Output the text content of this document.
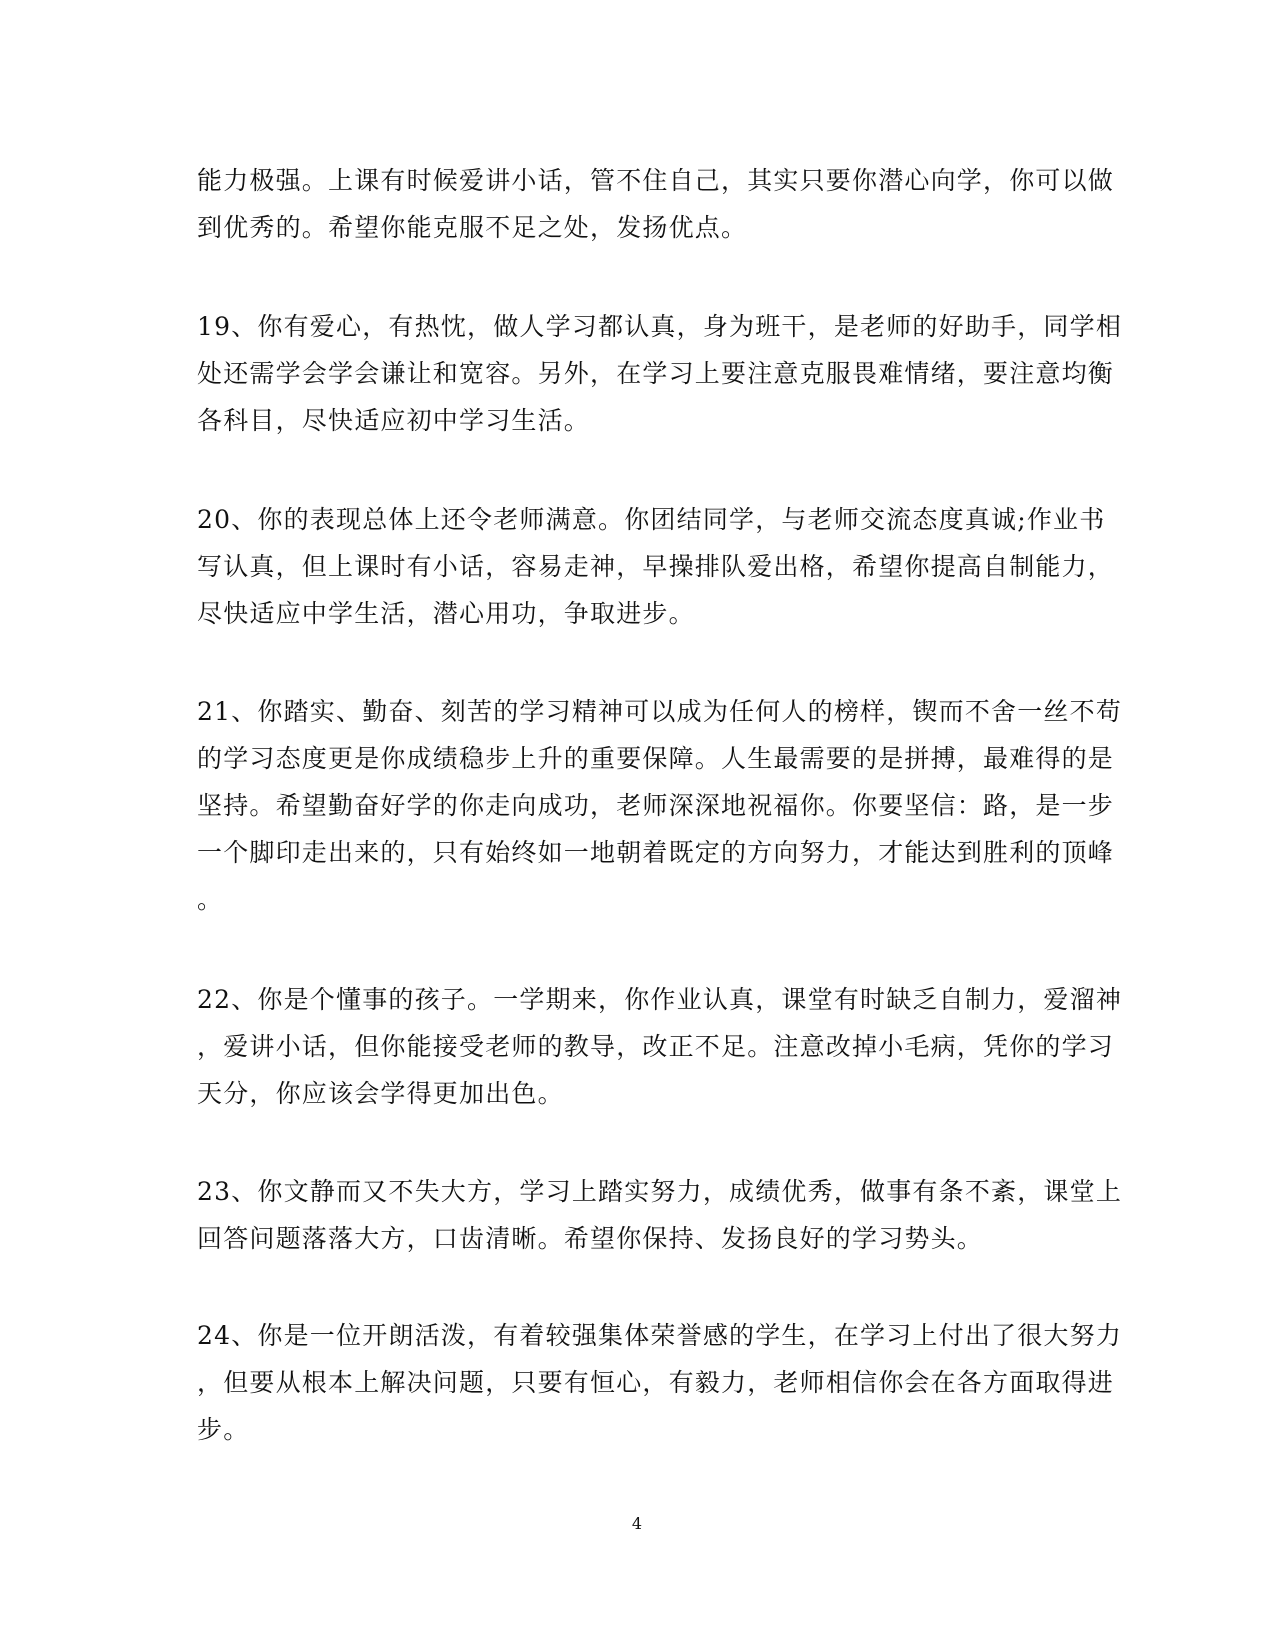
能力极强。上课有时候爱讲小话，管不住自己，其实只要你潜心向学，你可以做
到优秀的。希望你能克服不足之处，发扬优点。
19、你有爱心，有热忱，做人学习都认真，身为班干，是老师的好助手，同学相
处还需学会学会谦让和宽容。另外，在学习上要注意克服畏难情绪，要注意均衡
各科目，尽快适应初中学习生活。
20、你的表现总体上还令老师满意。你团结同学，与老师交流态度真诚;作业书
写认真，但上课时有小话，容易走神，早操排队爱出格，希望你提高自制能力，
尽快适应中学生活，潜心用功，争取进步。
21、你踏实、勤奋、刻苦的学习精神可以成为任何人的榜样，锲而不舍一丝不苟
的学习态度更是你成绩稳步上升的重要保障。人生最需要的是拼搏，最难得的是
坚持。希望勤奋好学的你走向成功，老师深深地祝福你。你要坚信：路，是一步
一个脚印走出来的，只有始终如一地朝着既定的方向努力，才能达到胜利的顶峰
。
22、你是个懂事的孩子。一学期来，你作业认真，课堂有时缺乏自制力，爱溜神
，爱讲小话，但你能接受老师的教导，改正不足。注意改掉小毛病，凭你的学习
天分，你应该会学得更加出色。
23、你文静而又不失大方，学习上踏实努力，成绩优秀，做事有条不紊，课堂上
回答问题落落大方，口齿清晰。希望你保持、发扬良好的学习势头。
24、你是一位开朗活泼，有着较强集体荣誉感的学生，在学习上付出了很大努力
，但要从根本上解决问题，只要有恒心，有毅力，老师相信你会在各方面取得进
步。
4
